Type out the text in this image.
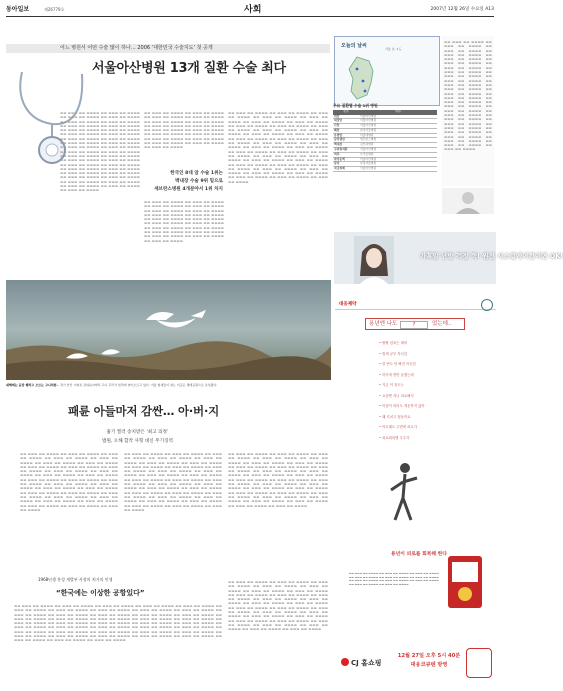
동아일보	제26779호	사회	2007년 12월 26일 수요일 A13
어느 병원서 어떤 수술 많이 하나… 2006 ‘대한민국 수술지도’ 첫 공개
서울아산병원 13개 질환 수술 최다
▬▬ ▬▬▬ ▬▬ ▬▬▬▬ ▬▬ ▬▬▬ ▬▬ ▬▬▬▬ ▬▬ ▬▬▬ ▬▬ ▬▬▬▬ ▬▬ ▬▬▬ ▬▬ ▬▬▬▬ ▬▬ ▬▬▬ ▬▬ ▬▬▬▬ ▬▬ ▬▬▬ ▬▬ ▬▬▬▬ ▬▬ ▬▬▬ ▬▬ ▬▬▬▬ ▬▬ ▬▬▬ ▬▬ ▬▬▬▬ ▬▬ ▬▬▬ ▬▬ ▬▬▬▬ ▬▬ ▬▬▬ ▬▬ ▬▬▬▬ ▬▬ ▬▬▬ ▬▬ ▬▬▬▬ ▬▬ ▬▬▬ ▬▬ ▬▬▬▬ ▬▬ ▬▬▬ ▬▬ ▬▬▬▬ ▬▬ ▬▬▬ ▬▬ ▬▬▬▬ ▬▬ ▬▬▬ ▬▬ ▬▬▬▬ ▬▬ ▬▬▬ ▬▬ ▬▬▬▬ ▬▬ ▬▬▬ ▬▬ ▬▬▬▬ ▬▬ ▬▬▬ ▬▬ ▬▬▬▬ ▬▬ ▬▬▬ ▬▬ ▬▬▬▬ ▬▬ ▬▬▬ ▬▬ ▬▬▬▬ ▬▬ ▬▬▬ ▬▬ ▬▬▬▬ ▬▬ ▬▬▬ ▬▬ ▬▬▬▬ ▬▬ ▬▬▬ ▬▬ ▬▬▬▬ ▬▬ ▬▬▬ ▬▬ ▬▬▬▬ ▬▬ ▬▬▬ ▬▬ ▬▬▬▬ ▬▬ ▬▬▬ ▬▬ ▬▬▬▬ ▬▬ ▬▬▬ ▬▬ ▬▬▬▬ ▬▬ ▬▬▬ ▬▬ ▬▬▬▬ ▬▬ ▬▬▬ ▬▬ ▬▬▬▬ ▬▬ ▬▬▬ ▬▬ ▬▬▬▬ ▬▬ ▬▬▬ ▬▬ ▬▬▬▬ ▬▬ ▬▬▬ ▬▬ ▬▬▬▬ ▬▬ ▬▬▬ ▬▬ ▬▬▬▬ ▬▬ ▬▬▬ ▬▬ ▬▬▬▬ ▬▬ ▬▬▬ ▬▬ ▬▬▬▬ ▬▬ ▬▬▬ ▬▬ ▬▬▬▬ ▬▬ ▬▬▬ ▬▬ ▬▬▬▬
▬▬ ▬▬▬ ▬▬ ▬▬▬▬ ▬▬ ▬▬▬ ▬▬ ▬▬▬▬ ▬▬ ▬▬▬ ▬▬ ▬▬▬▬ ▬▬ ▬▬▬ ▬▬ ▬▬▬▬ ▬▬ ▬▬▬ ▬▬ ▬▬▬▬ ▬▬ ▬▬▬ ▬▬ ▬▬▬▬ ▬▬ ▬▬▬ ▬▬ ▬▬▬▬ ▬▬ ▬▬▬ ▬▬ ▬▬▬▬ ▬▬ ▬▬▬ ▬▬ ▬▬▬▬ ▬▬ ▬▬▬ ▬▬ ▬▬▬▬ ▬▬ ▬▬▬ ▬▬ ▬▬▬▬ ▬▬ ▬▬▬ ▬▬ ▬▬▬▬ ▬▬ ▬▬▬ ▬▬ ▬▬▬▬ ▬▬ ▬▬▬ ▬▬ ▬▬▬▬ ▬▬ ▬▬▬ ▬▬ ▬▬▬▬ ▬▬ ▬▬▬ ▬▬ ▬▬▬▬ ▬▬ ▬▬▬ ▬▬ ▬▬▬▬
한국인 8대 암 수술 1위는
백내장 수술 9위 밑으로
세브란스병원 4개분야서 1위 차지
▬▬ ▬▬▬ ▬▬ ▬▬▬▬ ▬▬ ▬▬▬ ▬▬ ▬▬▬▬ ▬▬ ▬▬▬ ▬▬ ▬▬▬▬ ▬▬ ▬▬▬ ▬▬ ▬▬▬▬ ▬▬ ▬▬▬ ▬▬ ▬▬▬▬ ▬▬ ▬▬▬ ▬▬ ▬▬▬▬ ▬▬ ▬▬▬ ▬▬ ▬▬▬▬ ▬▬ ▬▬▬ ▬▬ ▬▬▬▬ ▬▬ ▬▬▬ ▬▬ ▬▬▬▬ ▬▬ ▬▬▬ ▬▬ ▬▬▬▬ ▬▬ ▬▬▬ ▬▬ ▬▬▬▬ ▬▬ ▬▬▬ ▬▬ ▬▬▬▬ ▬▬ ▬▬▬ ▬▬ ▬▬▬▬ ▬▬ ▬▬▬ ▬▬ ▬▬▬▬ ▬▬ ▬▬▬ ▬▬ ▬▬▬▬ ▬▬ ▬▬▬ ▬▬ ▬▬▬▬ ▬▬ ▬▬▬ ▬▬ ▬▬▬▬ ▬▬ ▬▬▬ ▬▬ ▬▬▬▬ ▬▬ ▬▬▬ ▬▬ ▬▬▬▬
▬▬ ▬▬▬ ▬▬ ▬▬▬▬ ▬▬ ▬▬▬ ▬▬ ▬▬▬▬ ▬▬ ▬▬▬ ▬▬ ▬▬▬▬ ▬▬ ▬▬▬ ▬▬ ▬▬▬▬ ▬▬ ▬▬▬ ▬▬ ▬▬▬▬ ▬▬ ▬▬▬ ▬▬ ▬▬▬▬ ▬▬ ▬▬▬ ▬▬ ▬▬▬▬ ▬▬ ▬▬▬ ▬▬ ▬▬▬▬ ▬▬ ▬▬▬ ▬▬ ▬▬▬▬ ▬▬ ▬▬▬ ▬▬ ▬▬▬▬ ▬▬ ▬▬▬ ▬▬ ▬▬▬▬ ▬▬ ▬▬▬ ▬▬ ▬▬▬▬ ▬▬ ▬▬▬ ▬▬ ▬▬▬▬ ▬▬ ▬▬▬ ▬▬ ▬▬▬▬ ▬▬ ▬▬▬ ▬▬ ▬▬▬▬ ▬▬ ▬▬▬ ▬▬ ▬▬▬▬ ▬▬ ▬▬▬ ▬▬ ▬▬▬▬ ▬▬ ▬▬▬ ▬▬ ▬▬▬▬ ▬▬ ▬▬▬ ▬▬ ▬▬▬▬ ▬▬ ▬▬▬ ▬▬ ▬▬▬▬ ▬▬ ▬▬▬ ▬▬ ▬▬▬▬ ▬▬ ▬▬▬ ▬▬ ▬▬▬▬ ▬▬ ▬▬▬ ▬▬ ▬▬▬▬ ▬▬ ▬▬▬ ▬▬ ▬▬▬▬ ▬▬ ▬▬▬ ▬▬ ▬▬▬▬ ▬▬ ▬▬▬ ▬▬ ▬▬▬▬ ▬▬ ▬▬▬ ▬▬ ▬▬▬▬ ▬▬ ▬▬▬ ▬▬ ▬▬▬▬ ▬▬ ▬▬▬ ▬▬ ▬▬▬▬ ▬▬ ▬▬▬ ▬▬ ▬▬▬▬ ▬▬ ▬▬▬ ▬▬ ▬▬▬▬ ▬▬ ▬▬▬ ▬▬ ▬▬▬▬ ▬▬ ▬▬▬ ▬▬ ▬▬▬▬ ▬▬ ▬▬▬ ▬▬ ▬▬▬▬ ▬▬ ▬▬▬ ▬▬ ▬▬▬▬ ▬▬ ▬▬▬ ▬▬ ▬▬▬▬ ▬▬ ▬▬▬ ▬▬ ▬▬▬▬ ▬▬ ▬▬▬ ▬▬ ▬▬▬▬
오늘의 날씨	서울 낮 -1도
▬▬ ▬▬▬ ▬▬ ▬▬▬▬ ▬▬ ▬▬▬ ▬▬ ▬▬▬▬ ▬▬ ▬▬▬ ▬▬ ▬▬▬▬ ▬▬ ▬▬▬ ▬▬ ▬▬▬▬ ▬▬ ▬▬▬ ▬▬ ▬▬▬▬ ▬▬ ▬▬▬ ▬▬ ▬▬▬▬ ▬▬ ▬▬▬ ▬▬ ▬▬▬▬ ▬▬ ▬▬▬ ▬▬ ▬▬▬▬ ▬▬ ▬▬▬ ▬▬ ▬▬▬▬ ▬▬ ▬▬▬ ▬▬ ▬▬▬▬ ▬▬ ▬▬▬ ▬▬ ▬▬▬▬ ▬▬ ▬▬▬ ▬▬ ▬▬▬▬ ▬▬ ▬▬▬ ▬▬ ▬▬▬▬ ▬▬ ▬▬▬ ▬▬ ▬▬▬▬ ▬▬ ▬▬▬ ▬▬ ▬▬▬▬ ▬▬ ▬▬▬ ▬▬ ▬▬▬▬ ▬▬ ▬▬▬ ▬▬ ▬▬▬▬ ▬▬ ▬▬▬ ▬▬ ▬▬▬▬ ▬▬ ▬▬▬ ▬▬ ▬▬▬▬ ▬▬ ▬▬▬ ▬▬ ▬▬▬▬ ▬▬ ▬▬▬ ▬▬ ▬▬▬▬ ▬▬ ▬▬▬ ▬▬ ▬▬▬▬ ▬▬ ▬▬▬ ▬▬ ▬▬▬▬ ▬▬ ▬▬▬ ▬▬ ▬▬▬▬ ▬▬ ▬▬▬ ▬▬ ▬▬▬▬ ▬▬ ▬▬▬ ▬▬ ▬▬▬▬
주요 질환별 수술 1위 병원
분류	병원
위암	서울아산병원
대장암	서울아산병원
간암	서울아산병원
폐암	삼성서울병원
유방암	서울대병원
갑상샘암	세브란스병원
백내장	김안과병원
고관절치환	서울아산병원
척추	우리들병원
관상동맥	서울아산병원
담낭	삼성서울병원
자궁절제	서울아산병원
가혹말 난방 걱정 뚝! 원전 시스템에어컨이면 OK!
새해에는 웅장 꿰차고 오르는 고니처럼~ 경기 안산 시화호 갈대습지에서 고니 무리가 힘차게 날아오르고 있다. 겨울 철새들이 찾는 이곳은 생태공원으로 조성됐다.
패륜 아들마저 감싼… 아·버·지
흉기 찔러 송치받은 ‘최고 의정’
법원, 오해 합작 사형 대신 무기징역
▬▬ ▬▬▬ ▬▬ ▬▬▬▬ ▬▬ ▬▬▬ ▬▬ ▬▬▬▬ ▬▬ ▬▬▬ ▬▬ ▬▬▬▬ ▬▬ ▬▬▬ ▬▬ ▬▬▬▬ ▬▬ ▬▬▬ ▬▬ ▬▬▬▬ ▬▬ ▬▬▬ ▬▬ ▬▬▬▬ ▬▬ ▬▬▬ ▬▬ ▬▬▬▬ ▬▬ ▬▬▬ ▬▬ ▬▬▬▬ ▬▬ ▬▬▬ ▬▬ ▬▬▬▬ ▬▬ ▬▬▬ ▬▬ ▬▬▬▬ ▬▬ ▬▬▬ ▬▬ ▬▬▬▬ ▬▬ ▬▬▬ ▬▬ ▬▬▬▬ ▬▬ ▬▬▬ ▬▬ ▬▬▬▬ ▬▬ ▬▬▬ ▬▬ ▬▬▬▬ ▬▬ ▬▬▬ ▬▬ ▬▬▬▬ ▬▬ ▬▬▬ ▬▬ ▬▬▬▬ ▬▬ ▬▬▬ ▬▬ ▬▬▬▬ ▬▬ ▬▬▬ ▬▬ ▬▬▬▬ ▬▬ ▬▬▬ ▬▬ ▬▬▬▬ ▬▬ ▬▬▬ ▬▬ ▬▬▬▬ ▬▬ ▬▬▬ ▬▬ ▬▬▬▬ ▬▬ ▬▬▬ ▬▬ ▬▬▬▬ ▬▬ ▬▬▬ ▬▬ ▬▬▬▬ ▬▬ ▬▬▬ ▬▬ ▬▬▬▬ ▬▬ ▬▬▬ ▬▬ ▬▬▬▬ ▬▬ ▬▬▬ ▬▬ ▬▬▬▬ ▬▬ ▬▬▬ ▬▬ ▬▬▬▬ ▬▬ ▬▬▬ ▬▬ ▬▬▬▬ ▬▬ ▬▬▬ ▬▬ ▬▬▬▬ ▬▬ ▬▬▬ ▬▬ ▬▬▬▬ ▬▬ ▬▬▬ ▬▬ ▬▬▬▬
▬▬ ▬▬▬ ▬▬ ▬▬▬▬ ▬▬ ▬▬▬ ▬▬ ▬▬▬▬ ▬▬ ▬▬▬ ▬▬ ▬▬▬▬ ▬▬ ▬▬▬ ▬▬ ▬▬▬▬ ▬▬ ▬▬▬ ▬▬ ▬▬▬▬ ▬▬ ▬▬▬ ▬▬ ▬▬▬▬ ▬▬ ▬▬▬ ▬▬ ▬▬▬▬ ▬▬ ▬▬▬ ▬▬ ▬▬▬▬ ▬▬ ▬▬▬ ▬▬ ▬▬▬▬ ▬▬ ▬▬▬ ▬▬ ▬▬▬▬ ▬▬ ▬▬▬ ▬▬ ▬▬▬▬ ▬▬ ▬▬▬ ▬▬ ▬▬▬▬ ▬▬ ▬▬▬ ▬▬ ▬▬▬▬ ▬▬ ▬▬▬ ▬▬ ▬▬▬▬ ▬▬ ▬▬▬ ▬▬ ▬▬▬▬ ▬▬ ▬▬▬ ▬▬ ▬▬▬▬ ▬▬ ▬▬▬ ▬▬ ▬▬▬▬ ▬▬ ▬▬▬ ▬▬ ▬▬▬▬ ▬▬ ▬▬▬ ▬▬ ▬▬▬▬ ▬▬ ▬▬▬ ▬▬ ▬▬▬▬ ▬▬ ▬▬▬ ▬▬ ▬▬▬▬ ▬▬ ▬▬▬ ▬▬ ▬▬▬▬ ▬▬ ▬▬▬ ▬▬ ▬▬▬▬ ▬▬ ▬▬▬ ▬▬ ▬▬▬▬ ▬▬ ▬▬▬ ▬▬ ▬▬▬▬ ▬▬ ▬▬▬ ▬▬ ▬▬▬▬ ▬▬ ▬▬▬ ▬▬ ▬▬▬▬ ▬▬ ▬▬▬ ▬▬ ▬▬▬▬ ▬▬ ▬▬▬ ▬▬ ▬▬▬▬ ▬▬ ▬▬▬ ▬▬ ▬▬▬▬ ▬▬ ▬▬▬ ▬▬ ▬▬▬▬
▬▬ ▬▬▬ ▬▬ ▬▬▬▬ ▬▬ ▬▬▬ ▬▬ ▬▬▬▬ ▬▬ ▬▬▬ ▬▬ ▬▬▬▬ ▬▬ ▬▬▬ ▬▬ ▬▬▬▬ ▬▬ ▬▬▬ ▬▬ ▬▬▬▬ ▬▬ ▬▬▬ ▬▬ ▬▬▬▬ ▬▬ ▬▬▬ ▬▬ ▬▬▬▬ ▬▬ ▬▬▬ ▬▬ ▬▬▬▬ ▬▬ ▬▬▬ ▬▬ ▬▬▬▬ ▬▬ ▬▬▬ ▬▬ ▬▬▬▬ ▬▬ ▬▬▬ ▬▬ ▬▬▬▬ ▬▬ ▬▬▬ ▬▬ ▬▬▬▬ ▬▬ ▬▬▬ ▬▬ ▬▬▬▬ ▬▬ ▬▬▬ ▬▬ ▬▬▬▬ ▬▬ ▬▬▬ ▬▬ ▬▬▬▬ ▬▬ ▬▬▬ ▬▬ ▬▬▬▬ ▬▬ ▬▬▬ ▬▬ ▬▬▬▬ ▬▬ ▬▬▬ ▬▬ ▬▬▬▬ ▬▬ ▬▬▬ ▬▬ ▬▬▬▬ ▬▬ ▬▬▬ ▬▬ ▬▬▬▬ ▬▬ ▬▬▬ ▬▬ ▬▬▬▬ ▬▬ ▬▬▬ ▬▬ ▬▬▬▬ ▬▬ ▬▬▬ ▬▬ ▬▬▬▬ ▬▬ ▬▬▬ ▬▬ ▬▬▬▬ ▬▬ ▬▬▬ ▬▬ ▬▬▬▬ ▬▬ ▬▬▬ ▬▬ ▬▬▬▬ ▬▬ ▬▬▬ ▬▬ ▬▬▬▬ ▬▬ ▬▬▬ ▬▬ ▬▬▬▬ ▬▬ ▬▬▬ ▬▬ ▬▬▬▬ ▬▬ ▬▬▬ ▬▬ ▬▬▬▬
1968년생 홍성 개발부 사장의 처가의 인생
“한국에는 이상한 공항있다”
▬▬ ▬▬▬ ▬▬ ▬▬▬▬ ▬▬ ▬▬▬ ▬▬ ▬▬▬▬ ▬▬ ▬▬▬ ▬▬ ▬▬▬▬ ▬▬ ▬▬▬ ▬▬ ▬▬▬▬ ▬▬ ▬▬▬ ▬▬ ▬▬▬▬ ▬▬ ▬▬▬ ▬▬ ▬▬▬▬ ▬▬ ▬▬▬ ▬▬ ▬▬▬▬ ▬▬ ▬▬▬ ▬▬ ▬▬▬▬ ▬▬ ▬▬▬ ▬▬ ▬▬▬▬ ▬▬ ▬▬▬ ▬▬ ▬▬▬▬ ▬▬ ▬▬▬ ▬▬ ▬▬▬▬ ▬▬ ▬▬▬ ▬▬ ▬▬▬▬ ▬▬ ▬▬▬ ▬▬ ▬▬▬▬ ▬▬ ▬▬▬ ▬▬ ▬▬▬▬ ▬▬ ▬▬▬ ▬▬ ▬▬▬▬ ▬▬ ▬▬▬ ▬▬ ▬▬▬▬ ▬▬ ▬▬▬ ▬▬ ▬▬▬▬ ▬▬ ▬▬▬ ▬▬ ▬▬▬▬ ▬▬ ▬▬▬ ▬▬ ▬▬▬▬ ▬▬ ▬▬▬ ▬▬ ▬▬▬▬ ▬▬ ▬▬▬ ▬▬ ▬▬▬▬ ▬▬ ▬▬▬ ▬▬ ▬▬▬▬ ▬▬ ▬▬▬ ▬▬ ▬▬▬▬ ▬▬ ▬▬▬ ▬▬ ▬▬▬▬ ▬▬ ▬▬▬ ▬▬ ▬▬▬▬ ▬▬ ▬▬▬ ▬▬ ▬▬▬▬ ▬▬ ▬▬▬ ▬▬ ▬▬▬▬ ▬▬ ▬▬▬ ▬▬ ▬▬▬▬ ▬▬ ▬▬▬ ▬▬ ▬▬▬▬ ▬▬ ▬▬▬ ▬▬ ▬▬▬▬ ▬▬ ▬▬▬ ▬▬ ▬▬▬▬ ▬▬ ▬▬▬ ▬▬ ▬▬▬▬ ▬▬ ▬▬▬ ▬▬ ▬▬▬▬ ▬▬ ▬▬▬ ▬▬ ▬▬▬▬ ▬▬ ▬▬▬ ▬▬ ▬▬▬▬ ▬▬ ▬▬▬ ▬▬ ▬▬▬▬ ▬▬ ▬▬▬ ▬▬ ▬▬▬▬ ▬▬ ▬▬▬ ▬▬ ▬▬▬▬ ▬▬ ▬▬▬ ▬▬ ▬▬▬▬ ▬▬ ▬▬▬ ▬▬ ▬▬▬▬ ▬▬ ▬▬▬ ▬▬ ▬▬▬▬ ▬▬ ▬▬▬ ▬▬ ▬▬▬▬ ▬▬ ▬▬▬ ▬▬ ▬▬▬▬
▬▬ ▬▬▬ ▬▬ ▬▬▬▬ ▬▬ ▬▬▬ ▬▬ ▬▬▬▬ ▬▬ ▬▬▬ ▬▬ ▬▬▬▬ ▬▬ ▬▬▬ ▬▬ ▬▬▬▬ ▬▬ ▬▬▬ ▬▬ ▬▬▬▬ ▬▬ ▬▬▬ ▬▬ ▬▬▬▬ ▬▬ ▬▬▬ ▬▬ ▬▬▬▬ ▬▬ ▬▬▬ ▬▬ ▬▬▬▬ ▬▬ ▬▬▬ ▬▬ ▬▬▬▬ ▬▬ ▬▬▬ ▬▬ ▬▬▬▬ ▬▬ ▬▬▬ ▬▬ ▬▬▬▬ ▬▬ ▬▬▬ ▬▬ ▬▬▬▬ ▬▬ ▬▬▬ ▬▬ ▬▬▬▬ ▬▬ ▬▬▬ ▬▬ ▬▬▬▬ ▬▬ ▬▬▬ ▬▬ ▬▬▬▬ ▬▬ ▬▬▬ ▬▬ ▬▬▬▬ ▬▬ ▬▬▬ ▬▬ ▬▬▬▬ ▬▬ ▬▬▬ ▬▬ ▬▬▬▬ ▬▬ ▬▬▬ ▬▬ ▬▬▬▬ ▬▬ ▬▬▬ ▬▬ ▬▬▬▬ ▬▬ ▬▬▬ ▬▬ ▬▬▬▬ ▬▬ ▬▬▬ ▬▬ ▬▬▬▬ ▬▬ ▬▬▬ ▬▬ ▬▬▬▬ ▬▬ ▬▬▬ ▬▬ ▬▬▬▬ ▬▬ ▬▬▬ ▬▬ ▬▬▬▬ ▬▬ ▬▬▬ ▬▬ ▬▬▬▬ ▬▬ ▬▬▬ ▬▬ ▬▬▬▬ ▬▬ ▬▬▬ ▬▬ ▬▬▬▬
대웅제약
용년엔 나도	?	었는데..
• 팔팔 넘치는 체력
• 밤새 공부 자신감
• 한 번도 안 빠진 자신감
• 하루에 발만 올했는데
• 지금 이 정도는
• 요즘엔 자나 피로해지
• 아침이 되어도 개운하지 않아
• 왜 지치고 힘들까요
• 아무래도 주변에 피로가
• 피로회복엔 우루사
용년이 피로를 회복해 한다
▬▬ ▬▬▬ ▬▬ ▬▬▬▬ ▬▬ ▬▬▬ ▬▬ ▬▬▬▬ ▬▬ ▬▬▬ ▬▬ ▬▬▬▬ ▬▬ ▬▬▬ ▬▬ ▬▬▬▬ ▬▬ ▬▬▬ ▬▬ ▬▬▬▬ ▬▬ ▬▬▬ ▬▬ ▬▬▬▬ ▬▬ ▬▬▬ ▬▬ ▬▬▬▬ ▬▬ ▬▬▬ ▬▬ ▬▬▬▬ ▬▬ ▬▬▬ ▬▬ ▬▬▬▬ ▬▬ ▬▬▬ ▬▬ ▬▬▬▬ ▬▬ ▬▬▬ ▬▬ ▬▬▬▬
CJ 홈쇼핑
12월 27일 오후 5시 40분
대웅코큐텐 방영
